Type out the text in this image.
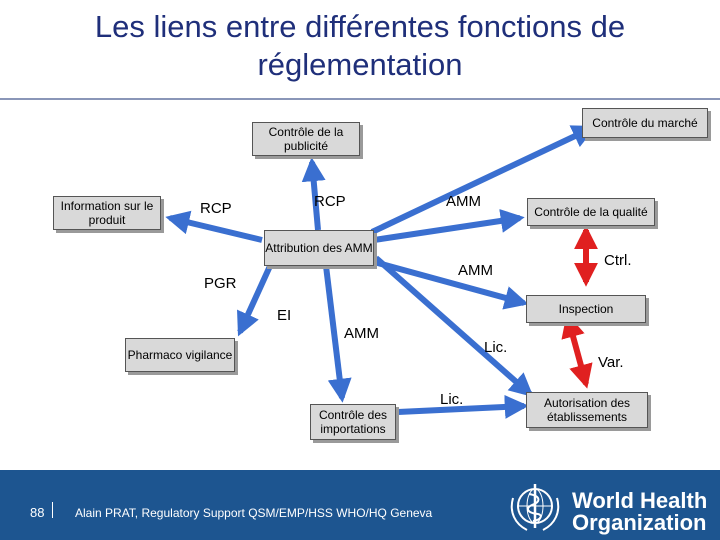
Les liens entre différentes fonctions de
réglementation
Contrôle du marché
Contrôle de la publicité
Information sur le produit
Contrôle de la qualité
Attribution des AMM
Inspection
Pharmaco vigilance
Contrôle des importations
Autorisation des établissements
RCP	RCP	AMM
AMM
PGR
EI
AMM
Lic.
Lic.
Ctrl.
Var.
88	Alain PRAT, Regulatory Support QSM/EMP/HSS WHO/HQ Geneva	World Health
Organization
